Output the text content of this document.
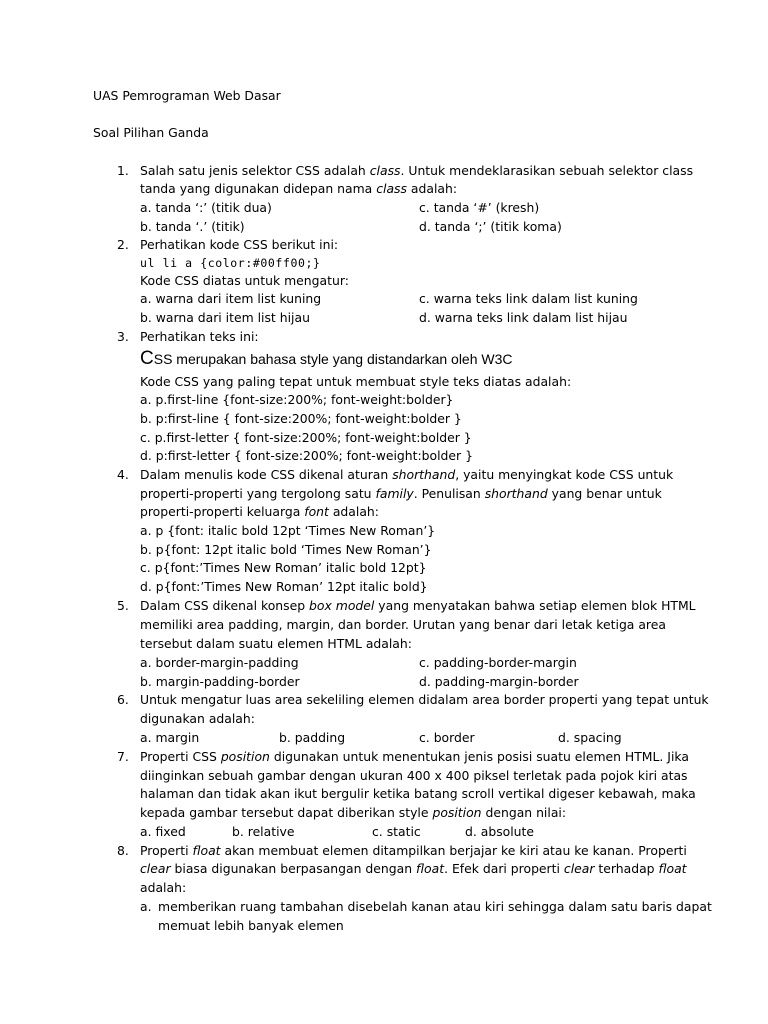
UAS Pemrograman Web Dasar
Soal Pilihan Ganda
1. Salah satu jenis selektor CSS adalah class. Untuk mendeklarasikan sebuah selektor class
tanda yang digunakan didepan nama class adalah:
a. tanda ‘:’ (titik dua)	c. tanda ‘#’ (kresh)
b. tanda ‘.’ (titik)	d. tanda ‘;’ (titik koma)
2. Perhatikan kode CSS berikut ini:
ul li a {color:#00ff00;}
Kode CSS diatas untuk mengatur:
a. warna dari item list kuning	c. warna teks link dalam list kuning
b. warna dari item list hijau	d. warna teks link dalam list hijau
3. Perhatikan teks ini:
CSS merupakan bahasa style yang distandarkan oleh W3C
Kode CSS yang paling tepat untuk membuat style teks diatas adalah:
a. p.first-line {font-size:200%; font-weight:bolder}
b. p:first-line { font-size:200%; font-weight:bolder }
c. p.first-letter { font-size:200%; font-weight:bolder }
d. p:first-letter { font-size:200%; font-weight:bolder }
4. Dalam menulis kode CSS dikenal aturan shorthand, yaitu menyingkat kode CSS untuk
properti-properti yang tergolong satu family. Penulisan shorthand yang benar untuk
properti-properti keluarga font adalah:
a. p {font: italic bold 12pt ‘Times New Roman’}
b. p{font: 12pt italic bold ‘Times New Roman’}
c. p{font:’Times New Roman’ italic bold 12pt}
d. p{font:’Times New Roman’ 12pt italic bold}
5. Dalam CSS dikenal konsep box model yang menyatakan bahwa setiap elemen blok HTML
memiliki area padding, margin, dan border. Urutan yang benar dari letak ketiga area
tersebut dalam suatu elemen HTML adalah:
a. border-margin-padding	c. padding-border-margin
b. margin-padding-border	d. padding-margin-border
6. Untuk mengatur luas area sekeliling elemen didalam area border properti yang tepat untuk
digunakan adalah:
a. margin	b. padding	c. border	d. spacing
7. Properti CSS position digunakan untuk menentukan jenis posisi suatu elemen HTML. Jika
diinginkan sebuah gambar dengan ukuran 400 x 400 piksel terletak pada pojok kiri atas
halaman dan tidak akan ikut bergulir ketika batang scroll vertikal digeser kebawah, maka
kepada gambar tersebut dapat diberikan style position dengan nilai:
a. fixed	b. relative	c. static	d. absolute
8. Properti float akan membuat elemen ditampilkan berjajar ke kiri atau ke kanan. Properti
clear biasa digunakan berpasangan dengan float. Efek dari properti clear terhadap float
adalah:
a. memberikan ruang tambahan disebelah kanan atau kiri sehingga dalam satu baris dapat
memuat lebih banyak elemen
